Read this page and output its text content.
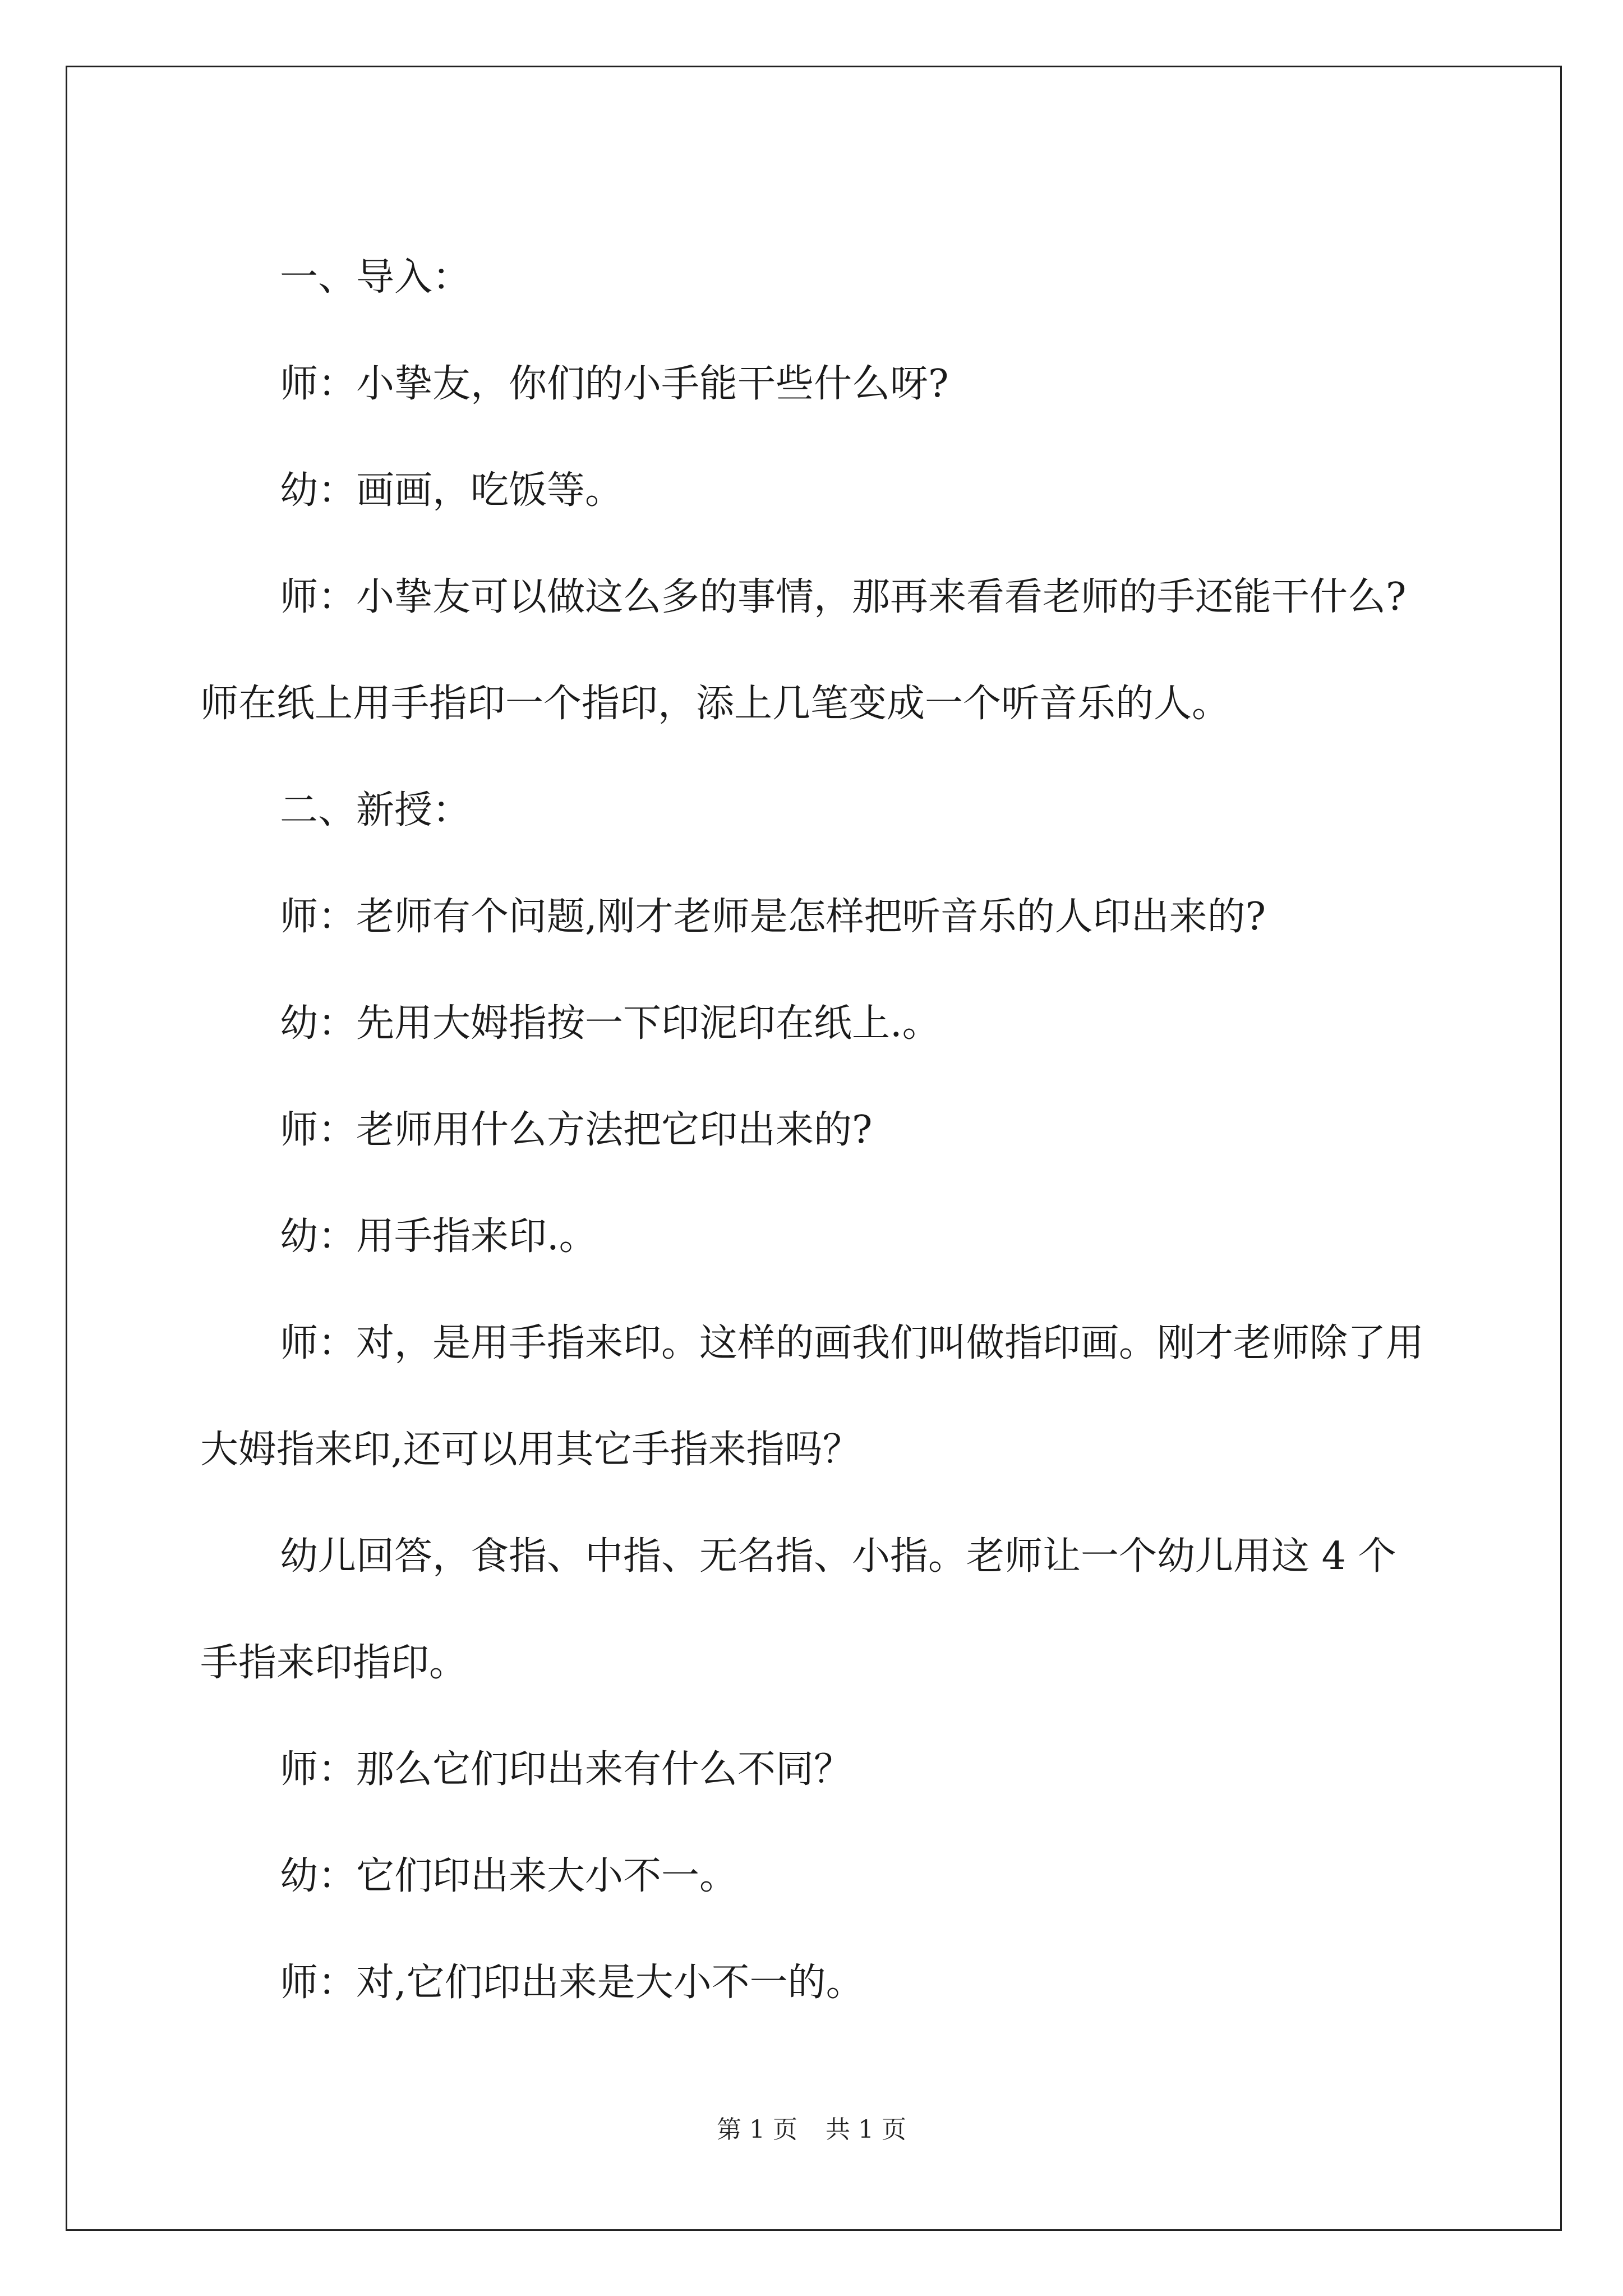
一、导入：

师：小挚友，你们的小手能干些什么呀?

幼：画画，吃饭等。

师：小挚友可以做这么多的事情，那再来看看老师的手还能干什么? 师在纸上用手指印一个指印，添上几笔变成一个听音乐的人。

二、新授：

师：老师有个问题,刚才老师是怎样把听音乐的人印出来的?

幼：先用大姆指按一下印泥印在纸上.。

师：老师用什么方法把它印出来的?

幼：用手指来印.。

师：对，是用手指来印。这样的画我们叫做指印画。刚才老师除了用大姆指来印,还可以用其它手指来指吗？

幼儿回答，食指、中指、无名指、小指。老师让一个幼儿用这 4 个手指来印指印。

师：那么它们印出来有什么不同？

幼：它们印出来大小不一。

师：对,它们印出来是大小不一的。

第 1 页 共 1 页
